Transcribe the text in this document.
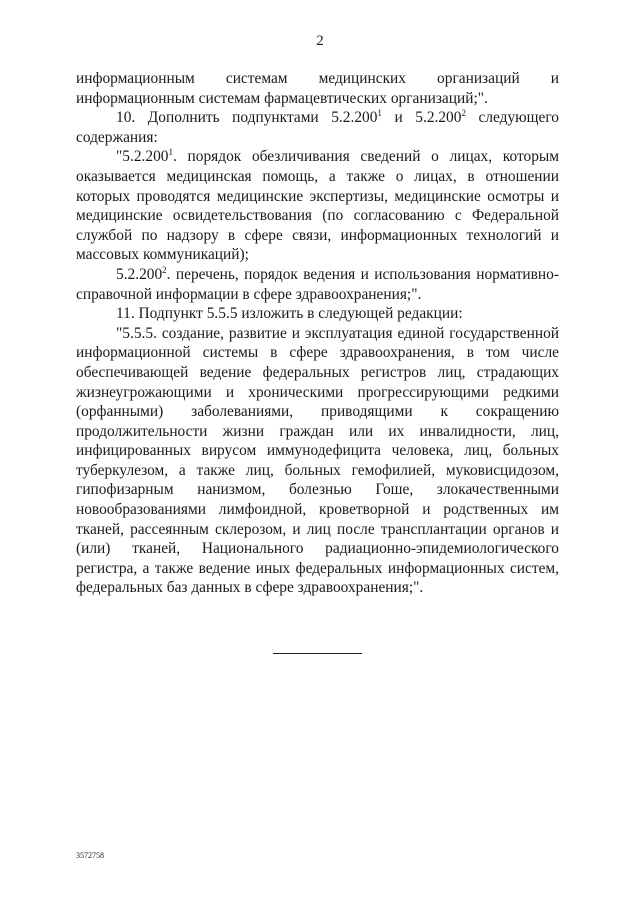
2

информационным системам медицинских организаций и информационным системам фармацевтических организаций;".

10. Дополнить подпунктами 5.2.200$^1$ и 5.2.200$^2$ следующего содержания:

"5.2.200$^1$. порядок обезличивания сведений о лицах, которым оказывается медицинская помощь, а также о лицах, в отношении которых проводятся медицинские экспертизы, медицинские осмотры и медицинские освидетельствования (по согласованию с Федеральной службой по надзору в сфере связи, информационных технологий и массовых коммуникаций);

5.2.200$^2$. перечень, порядок ведения и использования нормативно-справочной информации в сфере здравоохранения;".

11. Подпункт 5.5.5 изложить в следующей редакции:

"5.5.5. создание, развитие и эксплуатация единой государственной информационной системы в сфере здравоохранения, в том числе обеспечивающей ведение федеральных регистров лиц, страдающих жизнеугрожающими и хроническими прогрессирующими редкими (орфанными) заболеваниями, приводящими к сокращению продолжительности жизни граждан или их инвалидности, лиц, инфицированных вирусом иммунодефицита человека, лиц, больных туберкулезом, а также лиц, больных гемофилией, муковисцидозом, гипофизарным нанизмом, болезнью Гоше, злокачественными новообразованиями лимфоидной, кроветворной и родственных им тканей, рассеянным склерозом, и лиц после трансплантации органов и (или) тканей, Национального радиационно-эпидемиологического регистра, а также ведение иных федеральных информационных систем, федеральных баз данных в сфере здравоохранения;".

3572758
